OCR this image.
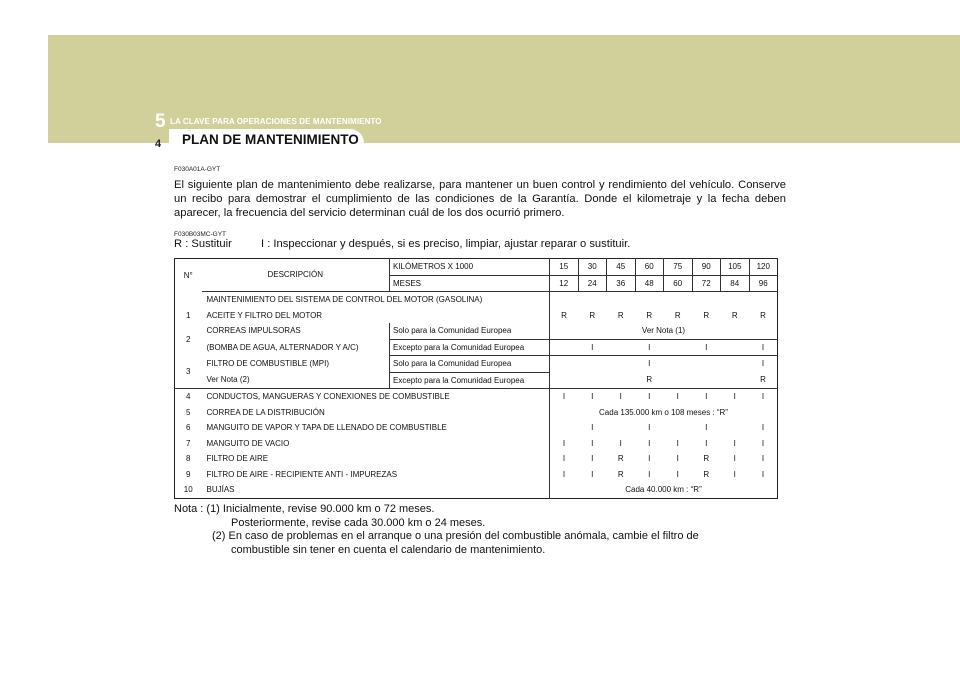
5 LA CLAVE PARA OPERACIONES DE MANTENIMIENTO
PLAN DE MANTENIMIENTO
4
F030A01A-GYT
El siguiente plan de mantenimiento debe realizarse, para mantener un buen control y rendimiento del vehículo. Conserve un recibo para demostrar el cumplimiento de las condiciones de la Garantía. Donde el kilometraje y la fecha deben aparecer, la frecuencia del servicio determinan cuál de los dos ocurrió primero.
F030B03MC-GYT
R : Sustituir	I : Inspeccionar y después, si es preciso, limpiar, ajustar reparar o sustituir.
N°	DESCRIPCIÓN	KILÓMETROS X 1000	15	30	45	60	75	90	105	120
		MESES	12	24	36	48	60	72	84	96
	MAINTENIMIENTO DEL SISTEMA DE CONTROL DEL MOTOR (GASOLINA)									
1	ACEITE Y FILTRO DEL MOTOR		R	R	R	R	R	R	R	R
2	CORREAS IMPULSORAS	Solo para la Comunidad Europea	Ver Nota (1)							
	(BOMBA DE AGUA, ALTERNADOR Y A/C)	Excepto para la Comunidad Europea		I		I		I		I
3	FILTRO DE COMBUSTIBLE (MPI)	Solo para la Comunidad Europea				I				I
	Ver Nota (2)	Excepto para la Comunidad Europea				R				R
4	CONDUCTOS, MANGUERAS Y CONEXIONES DE COMBUSTIBLE		I	I	I	I	I	I	I	I
5	CORREA DE LA DISTRIBUCIÓN		Cada 135.000 km o 108 meses : “R”							
6	MANGUITO DE VAPOR Y TAPA DE LLENADO DE COMBUSTIBLE			I		I		I		I
7	MANGUITO DE VACIO		I	I	I	I	I	I	I	I
8	FILTRO DE AIRE		I	I	R	I	I	R	I	I
9	FILTRO DE AIRE - RECIPIENTE ANTI - IMPUREZAS		I	I	R	I	I	R	I	I
10	BUJÍAS		Cada 40.000 km : “R”							
Nota : (1) Inicialmente, revise 90.000 km o 72 meses.
Posteriormente, revise cada 30.000 km o 24 meses.
(2) En caso de problemas en el arranque o una presión del combustible anómala, cambie el filtro de
combustible sin tener en cuenta el calendario de mantenimiento.
